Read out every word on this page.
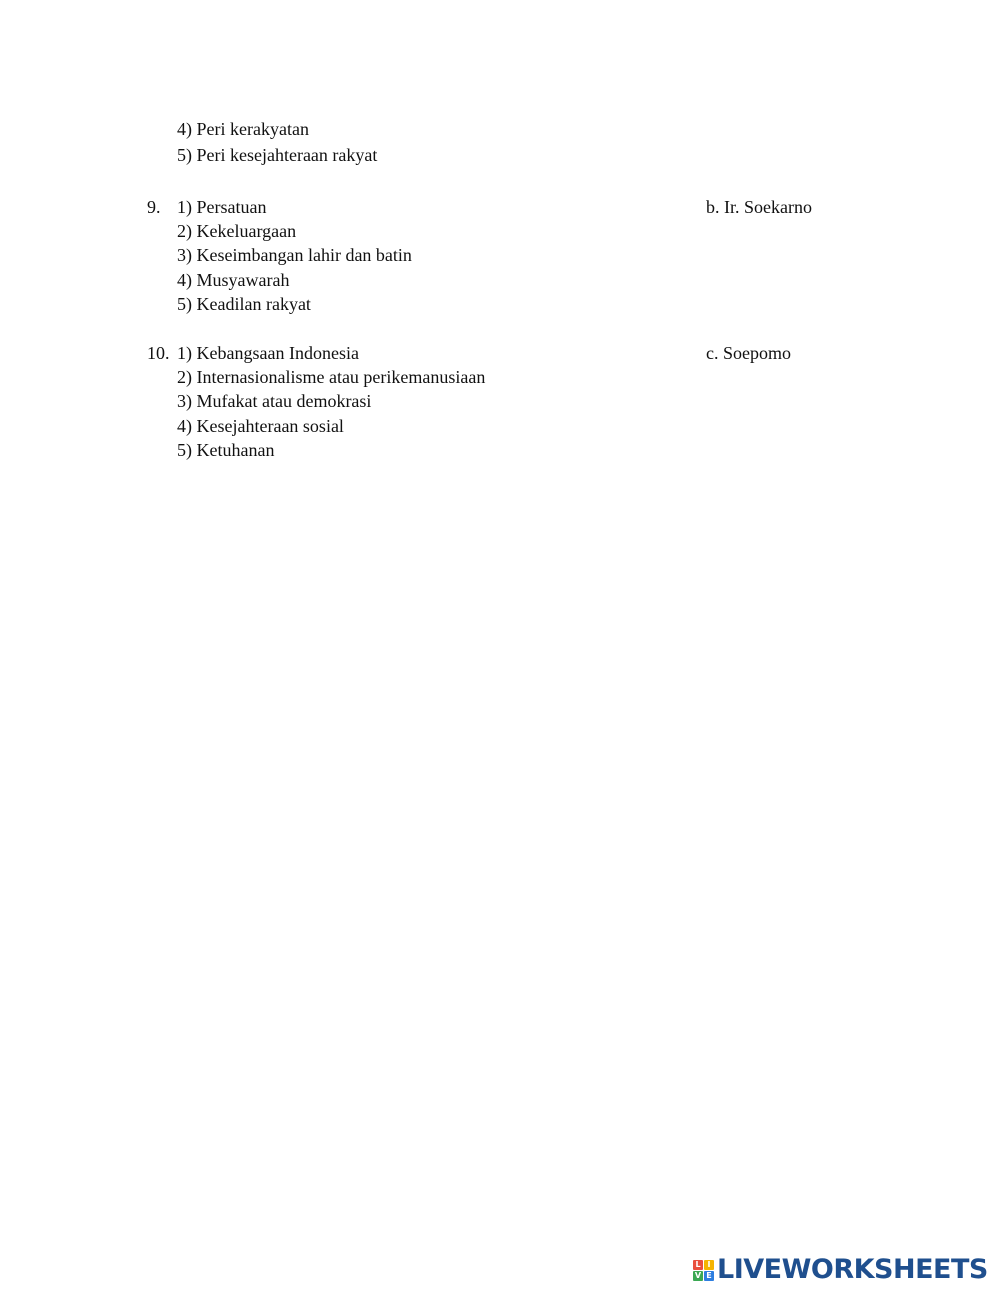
4) Peri kerakyatan
5) Peri kesejahteraan rakyat
9. 1) Persatuan	b. Ir. Soekarno
2) Kekeluargaan
3) Keseimbangan lahir dan batin
4) Musyawarah
5) Keadilan rakyat
10. 1) Kebangsaan Indonesia	c. Soepomo
2) Internasionalisme atau perikemanusiaan
3) Mufakat atau demokrasi
4) Kesejahteraan sosial
5) Ketuhanan
L I
V E LIVEWORKSHEETS
